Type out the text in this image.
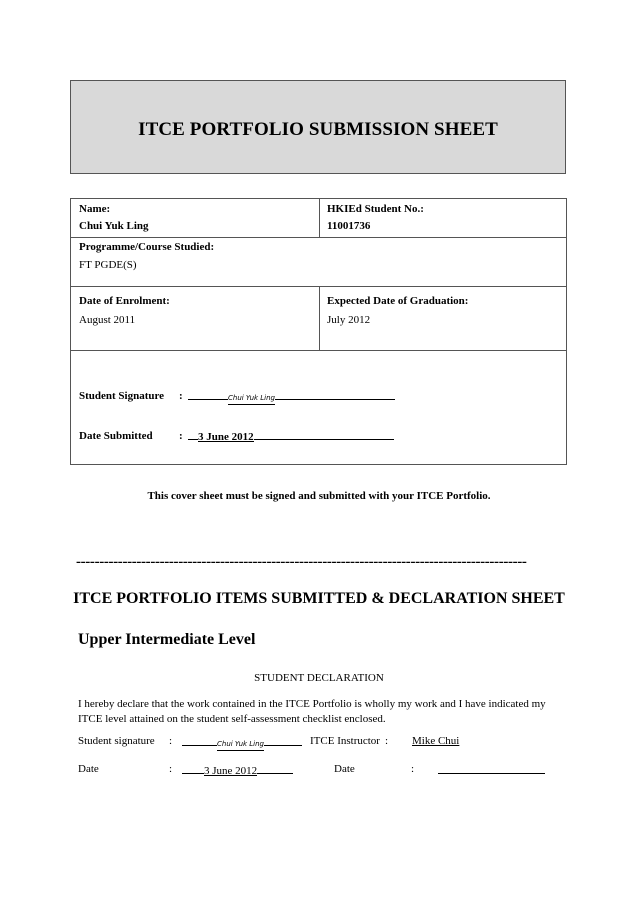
ITCE PORTFOLIO SUBMISSION SHEET
Name:
Chui Yuk Ling
HKIEd Student No.:
11001736
Programme/Course Studied:
FT PGDE(S)
Date of Enrolment:
August 2011
Expected Date of Graduation:
July 2012
Student Signature :	Chui Yuk Ling
Date Submitted :	3 June 2012
This cover sheet must be signed and submitted with your ITCE Portfolio.
-------------------------------------------------------------------------------------------------
ITCE PORTFOLIO ITEMS SUBMITTED & DECLARATION SHEET
Upper Intermediate Level
STUDENT DECLARATION
I hereby declare that the work contained in the ITCE Portfolio is wholly my work and I have indicated my ITCE level attained on the student self-assessment checklist enclosed.
Student signature :	Chui Yuk Ling	ITCE Instructor : Mike Chui
Date	:	3 June 2012	Date	:
